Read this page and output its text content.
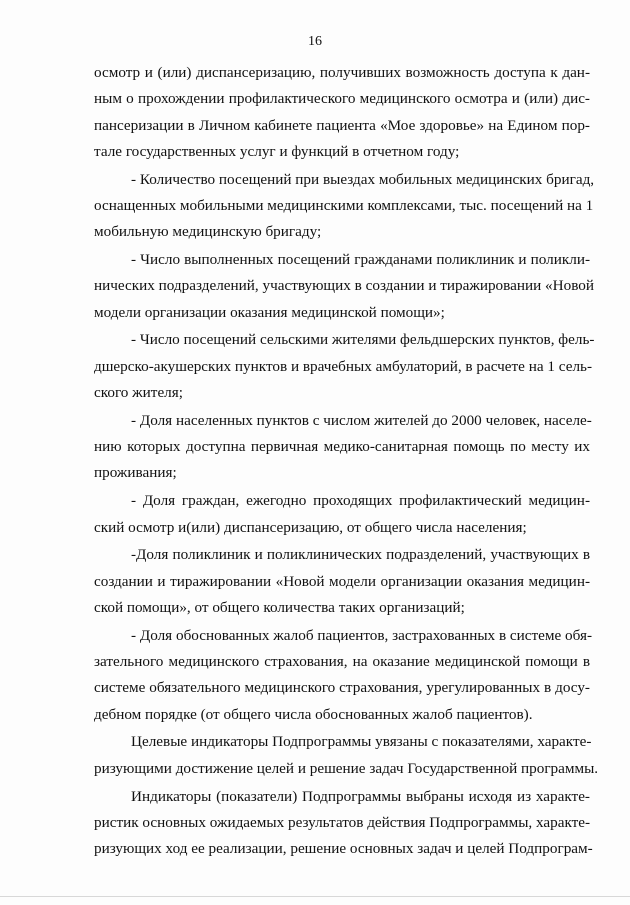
16
осмотр и (или) диспансеризацию, получивших возможность доступа к дан-
ным о прохождении профилактического медицинского осмотра и (или) дис-
пансеризации в Личном кабинете пациента «Мое здоровье» на Едином пор-
тале государственных услуг и функций в отчетном году;
- Количество посещений при выездах мобильных медицинских бригад,
оснащенных мобильными медицинскими комплексами, тыс. посещений на 1
мобильную медицинскую бригаду;
- Число выполненных посещений гражданами поликлиник и поликли-
нических подразделений, участвующих в создании и тиражировании «Новой
модели организации оказания медицинской помощи»;
- Число посещений сельскими жителями фельдшерских пунктов, фель-
дшерско-акушерских пунктов и врачебных амбулаторий, в расчете на 1 сель-
ского жителя;
- Доля населенных пунктов с числом жителей до 2000 человек, населе-
нию которых доступна первичная медико-санитарная помощь по месту их
проживания;
- Доля граждан, ежегодно проходящих профилактический медицин-
ский осмотр и(или) диспансеризацию, от общего числа населения;
-Доля поликлиник и поликлинических подразделений, участвующих в
создании и тиражировании «Новой модели организации оказания медицин-
ской помощи», от общего количества таких организаций;
- Доля обоснованных жалоб пациентов, застрахованных в системе обя-
зательного медицинского страхования, на оказание медицинской помощи в
системе обязательного медицинского страхования, урегулированных в досу-
дебном порядке (от общего числа обоснованных жалоб пациентов).
Целевые индикаторы Подпрограммы увязаны с показателями, характе-
ризующими достижение целей и решение задач Государственной программы.
Индикаторы (показатели) Подпрограммы выбраны исходя из характе-
ристик основных ожидаемых результатов действия Подпрограммы, характе-
ризующих ход ее реализации, решение основных задач и целей Подпрограм-
